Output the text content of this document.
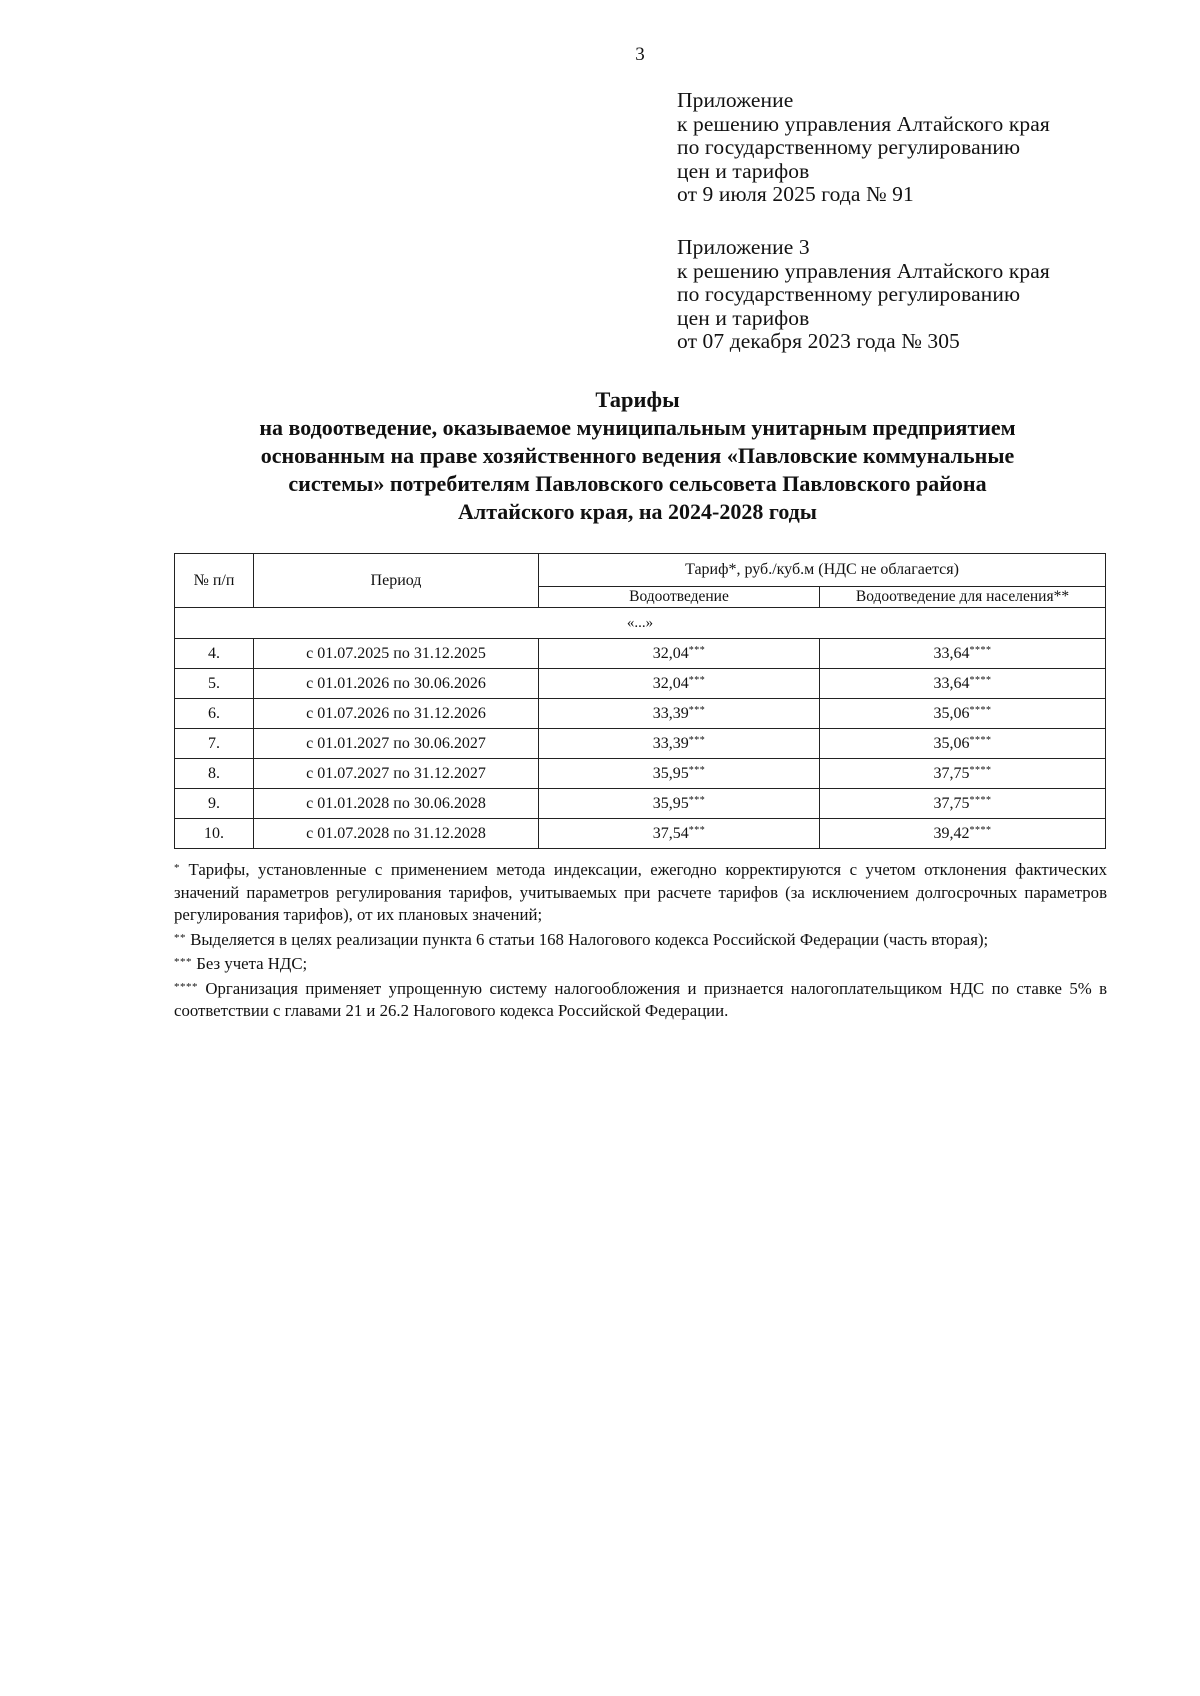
3
Приложение
к решению управления Алтайского края
по государственному регулированию
цен и тарифов
от 9 июля 2025 года № 91
Приложение 3
к решению управления Алтайского края
по государственному регулированию
цен и тарифов
от 07 декабря 2023 года № 305
Тарифы
на водоотведение, оказываемое муниципальным унитарным предприятием
основанным на праве хозяйственного ведения «Павловские коммунальные
системы» потребителям Павловского сельсовета Павловского района
Алтайского края, на 2024-2028 годы
№ п/п	Период	Тариф*, руб./куб.м (НДС не облагается)	
		Водоотведение	Водоотведение для населения**
«...»			
4.	с 01.07.2025 по 31.12.2025	32,04***	33,64****
5.	с 01.01.2026 по 30.06.2026	32,04***	33,64****
6.	с 01.07.2026 по 31.12.2026	33,39***	35,06****
7.	с 01.01.2027 по 30.06.2027	33,39***	35,06****
8.	с 01.07.2027 по 31.12.2027	35,95***	37,75****
9.	с 01.01.2028 по 30.06.2028	35,95***	37,75****
10.	с 01.07.2028 по 31.12.2028	37,54***	39,42****
* Тарифы, установленные с применением метода индексации, ежегодно корректируются с учетом отклонения фактических значений параметров регулирования тарифов, учитываемых при расчете тарифов (за исключением долгосрочных параметров регулирования тарифов), от их плановых значений;
** Выделяется в целях реализации пункта 6 статьи 168 Налогового кодекса Российской Федерации (часть вторая);
*** Без учета НДС;
**** Организация применяет упрощенную систему налогообложения и признается налогоплательщиком НДС по ставке 5% в соответствии с главами 21 и 26.2 Налогового кодекса Российской Федерации.
